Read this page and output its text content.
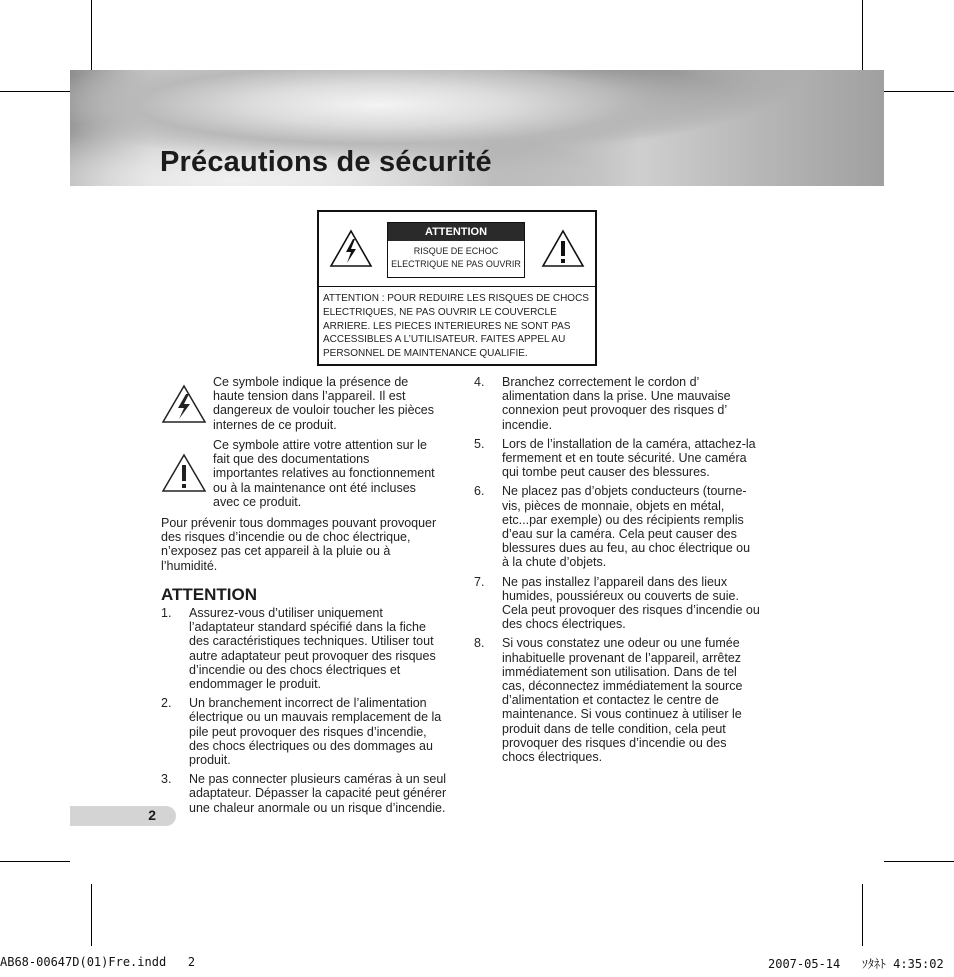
Précautions de sécurité
ATTENTION
RISQUE DE ECHOC
ELECTRIQUE NE PAS OUVRIR
ATTENTION : POUR REDUIRE LES RISQUES DE CHOCS ELECTRIQUES, NE PAS OUVRIR LE COUVERCLE ARRIERE. LES PIECES INTERIEURES NE SONT PAS ACCESSIBLES A L’UTILISATEUR. FAITES APPEL AU PERSONNEL DE MAINTENANCE QUALIFIE.
Ce symbole indique la présence de haute tension dans l’appareil. Il est dangereux de vouloir toucher les pièces internes de ce produit.
Ce symbole attire votre attention sur le fait que des documentations importantes relatives au fonctionnement ou à la maintenance ont été incluses avec ce produit.
Pour prévenir tous dommages pouvant provoquer des risques d’incendie ou de choc électrique, n’exposez pas cet appareil à la pluie ou à l’humidité.
ATTENTION
1. Assurez-vous d’utiliser uniquement l’adaptateur standard spécifié dans la fiche des caractéristiques techniques. Utiliser tout autre adaptateur peut provoquer des risques d’incendie ou des chocs électriques et endommager le produit.
2. Un branchement incorrect de l’alimentation électrique ou un mauvais remplacement de la pile peut provoquer des risques d’incendie, des chocs électriques ou des dommages au produit.
3. Ne pas connecter plusieurs caméras à un seul adaptateur. Dépasser la capacité peut générer une chaleur anormale ou un risque d’incendie.
4. Branchez correctement le cordon d’ alimentation dans la prise. Une mauvaise connexion peut provoquer des risques d’ incendie.
5. Lors de l’installation de la caméra, attachez-la fermement et en toute sécurité. Une caméra qui tombe peut causer des blessures.
6. Ne placez pas d’objets conducteurs (tourne-vis, pièces de monnaie, objets en métal, etc...par exemple) ou des récipients remplis d’eau sur la caméra. Cela peut causer des blessures dues au feu, au choc électrique ou à la chute d’objets.
7. Ne pas installez l’appareil dans des lieux humides, poussiéreux ou couverts de suie. Cela peut provoquer des risques d’incendie ou des chocs électriques.
8. Si vous constatez une odeur ou une fumée inhabituelle provenant de l’appareil, arrêtez immédiatement son utilisation. Dans de tel cas, déconnectez immédiatement la source d’alimentation et contactez le centre de maintenance. Si vous continuez à utiliser le produit dans de telle condition, cela peut provoquer des risques d’incendie ou des chocs électriques.
2
AB68-00647D(01)Fre.indd   2	2007-05-14   ｿﾀﾈﾄ 4:35:02
